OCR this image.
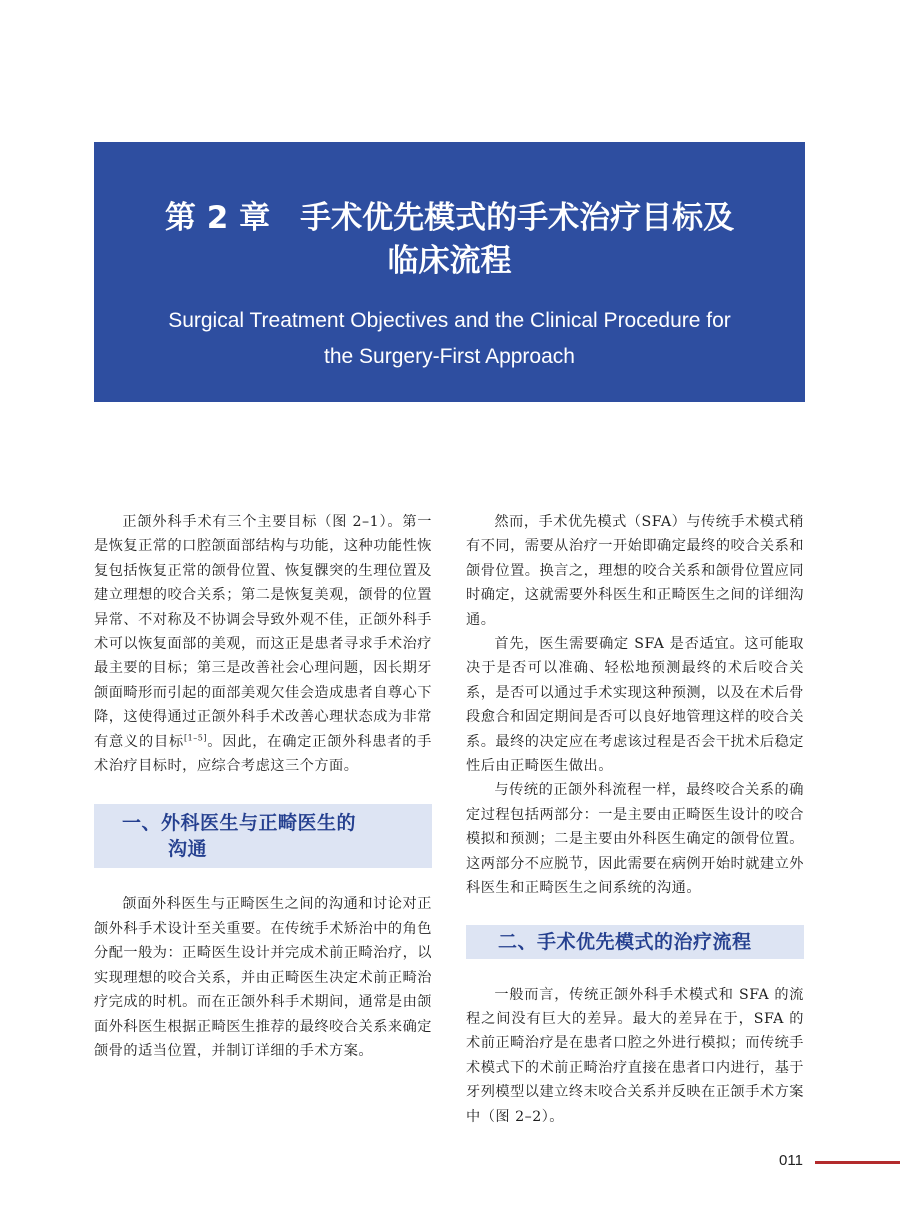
第 2 章 手术优先模式的手术治疗目标及
临床流程
Surgical Treatment Objectives and the Clinical Procedure for
the Surgery-First Approach

正颌外科手术有三个主要目标（图 2–1）。第一是恢复正常的口腔颌面部结构与功能，这种功能性恢复包括恢复正常的颌骨位置、恢复髁突的生理位置及建立理想的咬合关系；第二是恢复美观，颌骨的位置异常、不对称及不协调会导致外观不佳，正颌外科手术可以恢复面部的美观，而这正是患者寻求手术治疗最主要的目标；第三是改善社会心理问题，因长期牙颌面畸形而引起的面部美观欠佳会造成患者自尊心下降，这使得通过正颌外科手术改善心理状态成为非常有意义的目标[1–5]。因此，在确定正颌外科患者的手术治疗目标时，应综合考虑这三个方面。

一、外科医生与正畸医生的
沟通

颌面外科医生与正畸医生之间的沟通和讨论对正颌外科手术设计至关重要。在传统手术矫治中的角色分配一般为：正畸医生设计并完成术前正畸治疗，以实现理想的咬合关系，并由正畸医生决定术前正畸治疗完成的时机。而在正颌外科手术期间，通常是由颌面外科医生根据正畸医生推荐的最终咬合关系来确定颌骨的适当位置，并制订详细的手术方案。

然而，手术优先模式（SFA）与传统手术模式稍有不同，需要从治疗一开始即确定最终的咬合关系和颌骨位置。换言之，理想的咬合关系和颌骨位置应同时确定，这就需要外科医生和正畸医生之间的详细沟通。

首先，医生需要确定 SFA 是否适宜。这可能取决于是否可以准确、轻松地预测最终的术后咬合关系，是否可以通过手术实现这种预测，以及在术后骨段愈合和固定期间是否可以良好地管理这样的咬合关系。最终的决定应在考虑该过程是否会干扰术后稳定性后由正畸医生做出。

与传统的正颌外科流程一样，最终咬合关系的确定过程包括两部分：一是主要由正畸医生设计的咬合模拟和预测；二是主要由外科医生确定的颌骨位置。这两部分不应脱节，因此需要在病例开始时就建立外科医生和正畸医生之间系统的沟通。

二、手术优先模式的治疗流程

一般而言，传统正颌外科手术模式和 SFA 的流程之间没有巨大的差异。最大的差异在于，SFA 的术前正畸治疗是在患者口腔之外进行模拟；而传统手术模式下的术前正畸治疗直接在患者口内进行，基于牙列模型以建立终末咬合关系并反映在正颌手术方案中（图 2–2）。

011
